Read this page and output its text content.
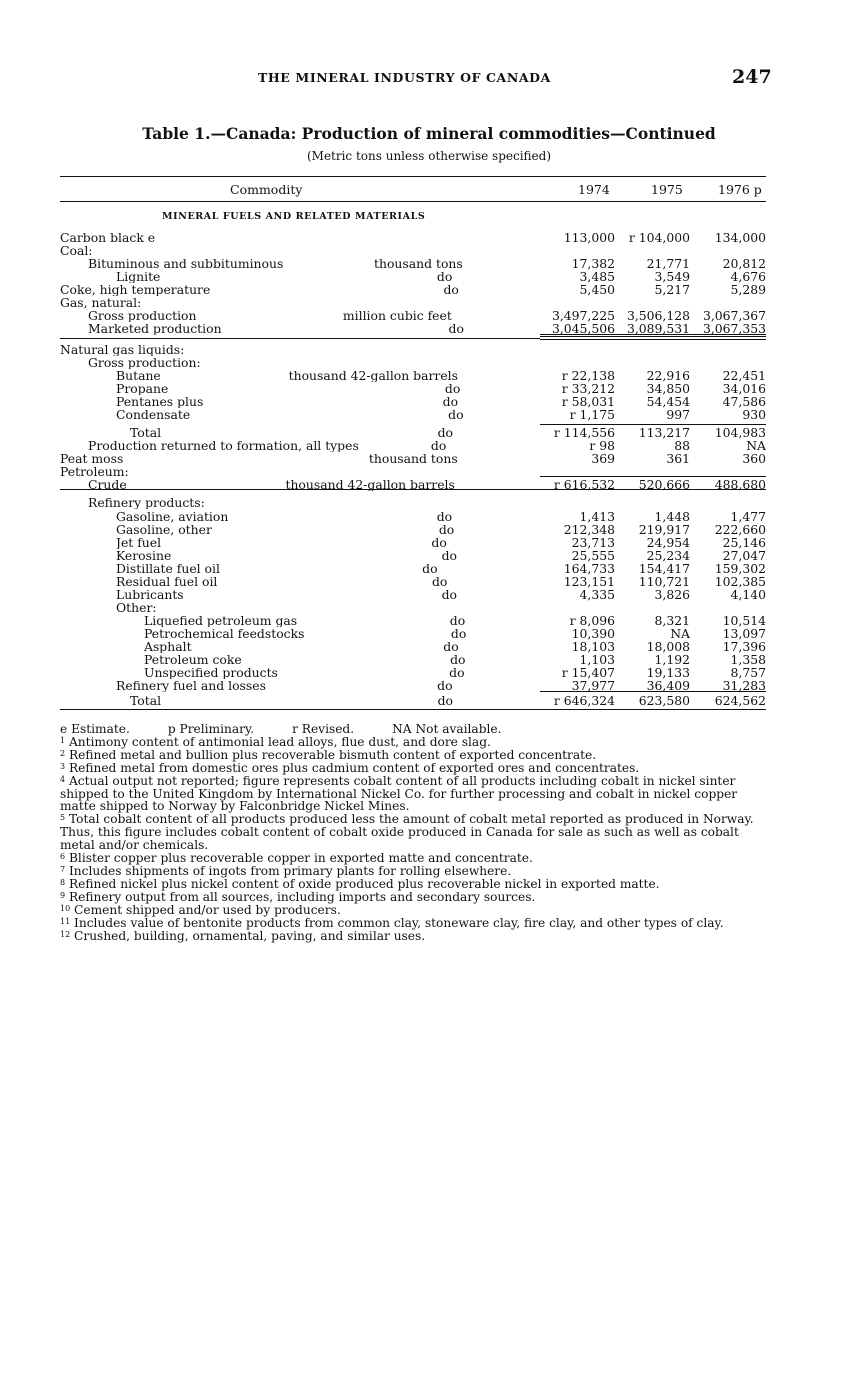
THE MINERAL INDUSTRY OF CANADA	247
Table 1.—Canada: Production of mineral commodities—Continued
(Metric tons unless otherwise specified)
Commodity	1974	1975	1976 p
MINERAL FUELS AND RELATED MATERIALS
Carbon black e ___________________________________________________	113,000	r 104,000	134,000
Coal:
Bituminous and subbituminous ______________thousand tons__	17,382	21,771	20,812
Lignite ____________________________________________do____	3,485	3,549	4,676
Coke, high temperature _____________________________________do____	5,450	5,217	5,289
Gas, natural:
Gross production _______________________million cubic feet__	3,497,225 3,506,128	3,067,367
Marketed production ____________________________________do____	3,045,506 3,089,531	3,067,353
Natural gas liquids:
Gross production:
Butane ____________________thousand 42-gallon barrels__	r 22,138	22,916	22,451
Propane ____________________________________________do____	r 33,212	34,850	34,016
Pentanes plus ______________________________________do____	r 58,031	54,454	47,586
Condensate _________________________________________do____	r 1,175	997	930
Total ____________________________________________do____	r 114,556	113,217	104,983
Production returned to formation, all types ___________do____	r 98	88	NA
Peat moss _______________________________________thousand tons__	369	361	360
Petroleum:
Crude _________________________thousand 42-gallon barrels__	r 616,532	520,666	488,680
Refinery products:
Gasoline, aviation _________________________________do____	1,413	1,448	1,477
Gasoline, other ____________________________________do____	212,348	219,917	222,660
Jet fuel ___________________________________________do____	23,713	24,954	25,146
Kerosine ___________________________________________do____	25,555	25,234	27,047
Distillate fuel oil ________________________________do____	164,733	154,417	159,302
Residual fuel oil __________________________________do____	123,151	110,721	102,385
Lubricants _________________________________________do____	4,335	3,826	4,140
Other:
Liquefied petroleum gas ________________________do____	r 8,096	8,321	10,514
Petrochemical feedstocks _______________________do____	10,390	NA	13,097
Asphalt ________________________________________do____	18,103	18,008	17,396
Petroleum coke _________________________________do____	1,103	1,192	1,358
Unspecified products ___________________________do____	r 15,407	19,133	8,757
Refinery fuel and losses ___________________________do____	37,977	36,409	31,283
Total ____________________________________________do____	r 646,324	623,580	624,562

e Estimate.	p Preliminary.	r Revised.	NA Not available.

$^1$ Antimony content of antimonial lead alloys, flue dust, and dore slag.

$^2$ Refined metal and bullion plus recoverable bismuth content of exported concentrate.

$^3$ Refined metal from domestic ores plus cadmium content of exported ores and concentrates.

$^4$ Actual output not reported; figure represents cobalt content of all products including cobalt in nickel sinter shipped to the United Kingdom by International Nickel Co. for further processing and cobalt in nickel copper matte shipped to Norway by Falconbridge Nickel Mines.

$^5$ Total cobalt content of all products produced less the amount of cobalt metal reported as produced in Norway. Thus, this figure includes cobalt content of cobalt oxide produced in Canada for sale as such as well as cobalt metal and/or chemicals.

$^6$ Blister copper plus recoverable copper in exported matte and concentrate.

$^7$ Includes shipments of ingots from primary plants for rolling elsewhere.

$^8$ Refined nickel plus nickel content of oxide produced plus recoverable nickel in exported matte.

$^9$ Refinery output from all sources, including imports and secondary sources.

$^{10}$ Cement shipped and/or used by producers.

$^{11}$ Includes value of bentonite products from common clay, stoneware clay, fire clay, and other types of clay.

$^{12}$ Crushed, building, ornamental, paving, and similar uses.
